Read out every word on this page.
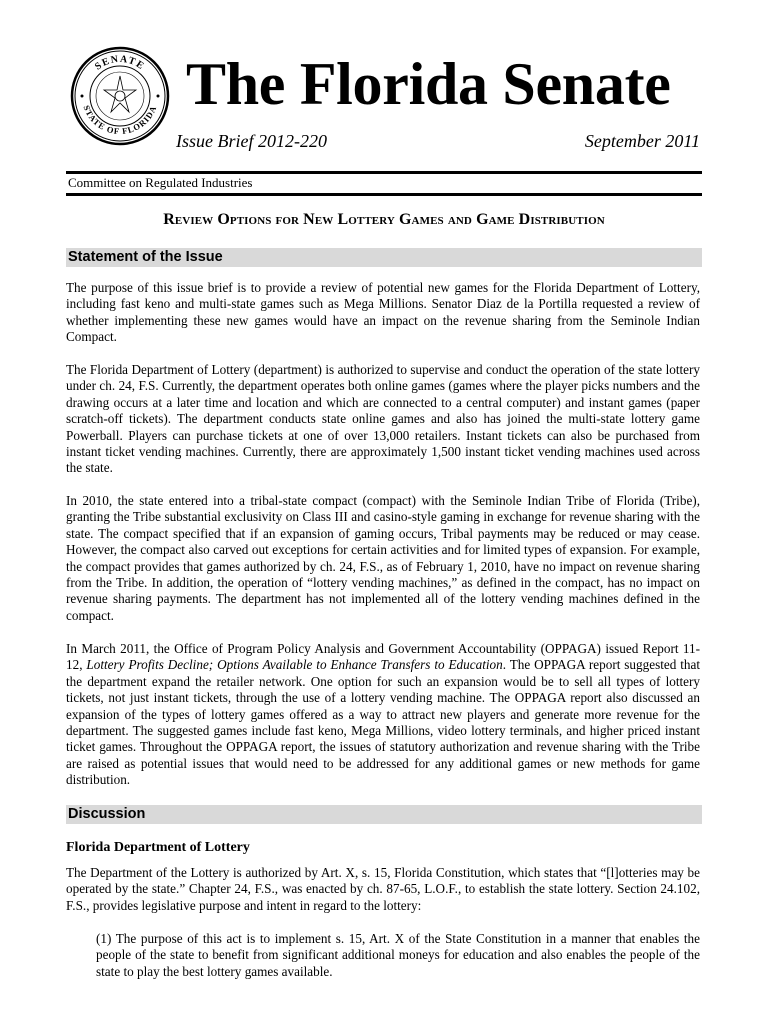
SENATE
STATE OF FLORIDA The Florida Senate
Issue Brief 2012-220	September 2011
Committee on Regulated Industries
Review Options for New Lottery Games and Game Distribution
Statement of the Issue

The purpose of this issue brief is to provide a review of potential new games for the Florida Department of Lottery, including fast keno and multi-state games such as Mega Millions. Senator Diaz de la Portilla requested a review of whether implementing these new games would have an impact on the revenue sharing from the Seminole Indian Compact.

The Florida Department of Lottery (department) is authorized to supervise and conduct the operation of the state lottery under ch. 24, F.S. Currently, the department operates both online games (games where the player picks numbers and the drawing occurs at a later time and location and which are connected to a central computer) and instant games (paper scratch-off tickets). The department conducts state online games and also has joined the multi-state lottery game Powerball. Players can purchase tickets at one of over 13,000 retailers. Instant tickets can also be purchased from instant ticket vending machines. Currently, there are approximately 1,500 instant ticket vending machines used across the state.

In 2010, the state entered into a tribal-state compact (compact) with the Seminole Indian Tribe of Florida (Tribe), granting the Tribe substantial exclusivity on Class III and casino-style gaming in exchange for revenue sharing with the state. The compact specified that if an expansion of gaming occurs, Tribal payments may be reduced or may cease. However, the compact also carved out exceptions for certain activities and for limited types of expansion. For example, the compact provides that games authorized by ch. 24, F.S., as of February 1, 2010, have no impact on revenue sharing from the Tribe. In addition, the operation of “lottery vending machines,” as defined in the compact, has no impact on revenue sharing payments. The department has not implemented all of the lottery vending machines defined in the compact.

In March 2011, the Office of Program Policy Analysis and Government Accountability (OPPAGA) issued Report 11-12, Lottery Profits Decline; Options Available to Enhance Transfers to Education. The OPPAGA report suggested that the department expand the retailer network. One option for such an expansion would be to sell all types of lottery tickets, not just instant tickets, through the use of a lottery vending machine. The OPPAGA report also discussed an expansion of the types of lottery games offered as a way to attract new players and generate more revenue for the department. The suggested games include fast keno, Mega Millions, video lottery terminals, and higher priced instant ticket games. Throughout the OPPAGA report, the issues of statutory authorization and revenue sharing with the Tribe are raised as potential issues that would need to be addressed for any additional games or new methods for game distribution.

Discussion
Florida Department of Lottery

The Department of the Lottery is authorized by Art. X, s. 15, Florida Constitution, which states that “[l]otteries may be operated by the state.” Chapter 24, F.S., was enacted by ch. 87-65, L.O.F., to establish the state lottery. Section 24.102, F.S., provides legislative purpose and intent in regard to the lottery:

(1) The purpose of this act is to implement s. 15, Art. X of the State Constitution in a manner that enables the people of the state to benefit from significant additional moneys for education and also enables the people of the state to play the best lottery games available.
